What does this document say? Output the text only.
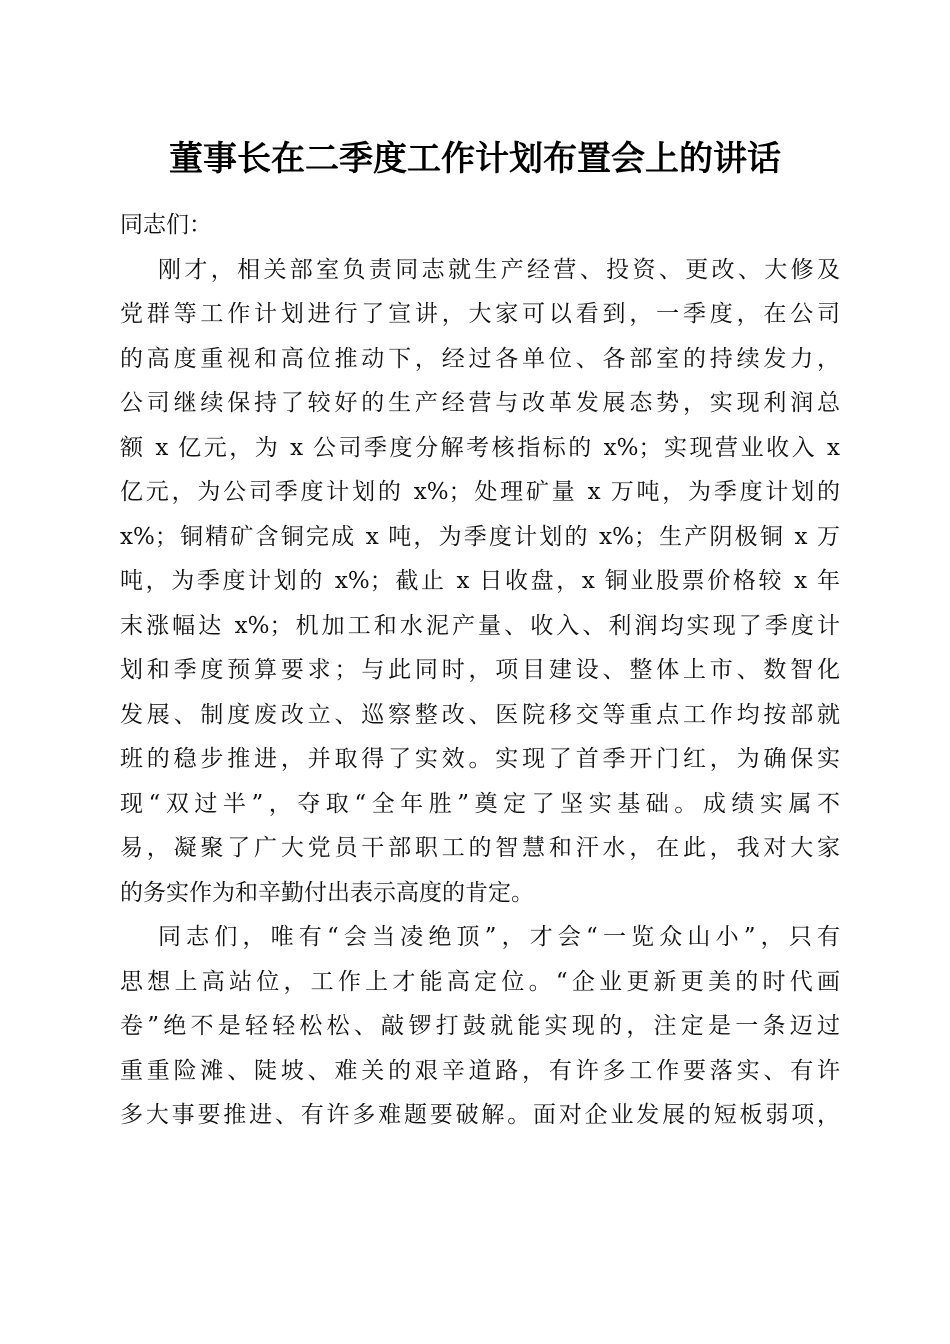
董事长在二季度工作计划布置会上的讲话
同志们：
刚才，相关部室负责同志就生产经营、投资、更改、大修及
党群等工作计划进行了宣讲，大家可以看到，一季度，在公司
的高度重视和高位推动下，经过各单位、各部室的持续发力，
公司继续保持了较好的生产经营与改革发展态势，实现利润总
额 x 亿元，为 x 公司季度分解考核指标的 x%；实现营业收入 x
亿元，为公司季度计划的 x%；处理矿量 x 万吨，为季度计划的
x%；铜精矿含铜完成 x 吨，为季度计划的 x%；生产阴极铜 x 万
吨，为季度计划的 x%；截止 x 日收盘，x 铜业股票价格较 x 年
末涨幅达 x%；机加工和水泥产量、收入、利润均实现了季度计
划和季度预算要求；与此同时，项目建设、整体上市、数智化
发展、制度废改立、巡察整改、医院移交等重点工作均按部就
班的稳步推进，并取得了实效。实现了首季开门红，为确保实
现“双过半”，夺取“全年胜”奠定了坚实基础。成绩实属不
易，凝聚了广大党员干部职工的智慧和汗水，在此，我对大家
的务实作为和辛勤付出表示高度的肯定。
同志们，唯有“会当凌绝顶”，才会“一览众山小”，只有
思想上高站位，工作上才能高定位。“企业更新更美的时代画
卷”绝不是轻轻松松、敲锣打鼓就能实现的，注定是一条迈过
重重险滩、陡坡、难关的艰辛道路，有许多工作要落实、有许
多大事要推进、有许多难题要破解。面对企业发展的短板弱项，
